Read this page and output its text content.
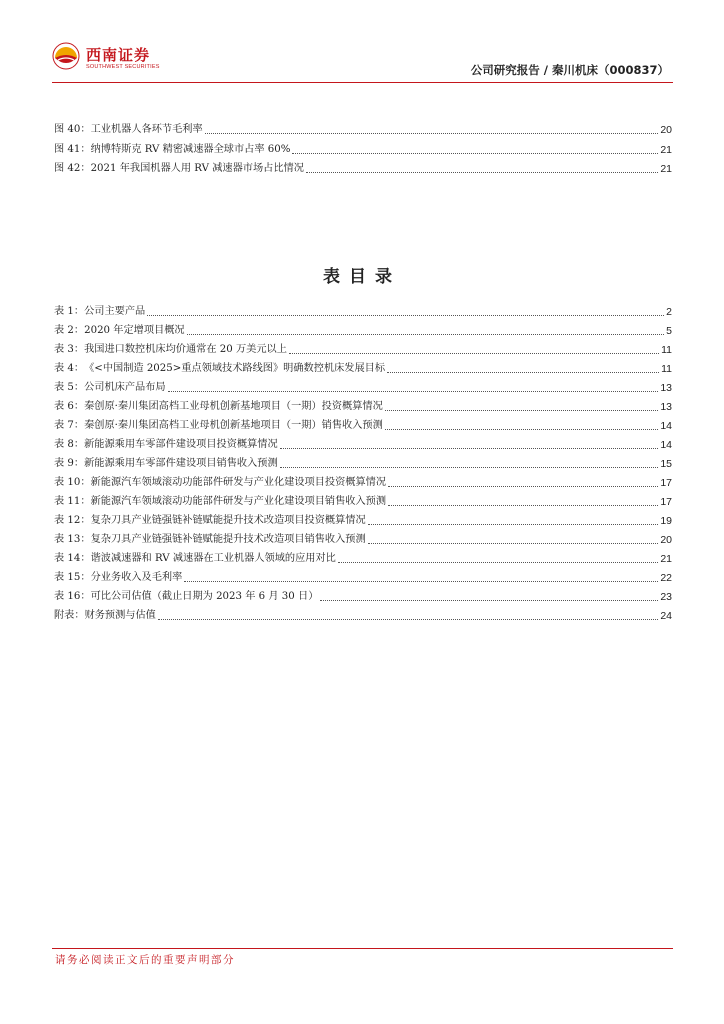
西南证券
SOUTHWEST SECURITIES	公司研究报告 / 秦川机床（000837）
图 40： 工业机器人各环节毛利率	20
图 41： 纳博特斯克 RV 精密减速器全球市占率 60%	21
图 42： 2021 年我国机器人用 RV 减速器市场占比情况	21
表目录
表 1： 公司主要产品	2
表 2： 2020 年定增项目概况	5
表 3： 我国进口数控机床均价通常在 20 万美元以上	11
表 4： 《<中国制造 2025>重点领域技术路线图》明确数控机床发展目标	11
表 5： 公司机床产品布局	13
表 6： 秦创原·秦川集团高档工业母机创新基地项目（一期）投资概算情况	13
表 7： 秦创原·秦川集团高档工业母机创新基地项目（一期）销售收入预测	14
表 8： 新能源乘用车零部件建设项目投资概算情况	14
表 9： 新能源乘用车零部件建设项目销售收入预测	15
表 10： 新能源汽车领域滚动功能部件研发与产业化建设项目投资概算情况	17
表 11： 新能源汽车领域滚动功能部件研发与产业化建设项目销售收入预测	17
表 12： 复杂刀具产业链强链补链赋能提升技术改造项目投资概算情况	19
表 13： 复杂刀具产业链强链补链赋能提升技术改造项目销售收入预测	20
表 14： 谐波减速器和 RV 减速器在工业机器人领域的应用对比	21
表 15： 分业务收入及毛利率	22
表 16： 可比公司估值（截止日期为 2023 年 6 月 30 日）	23
附表： 财务预测与估值	24
请务必阅读正文后的重要声明部分
